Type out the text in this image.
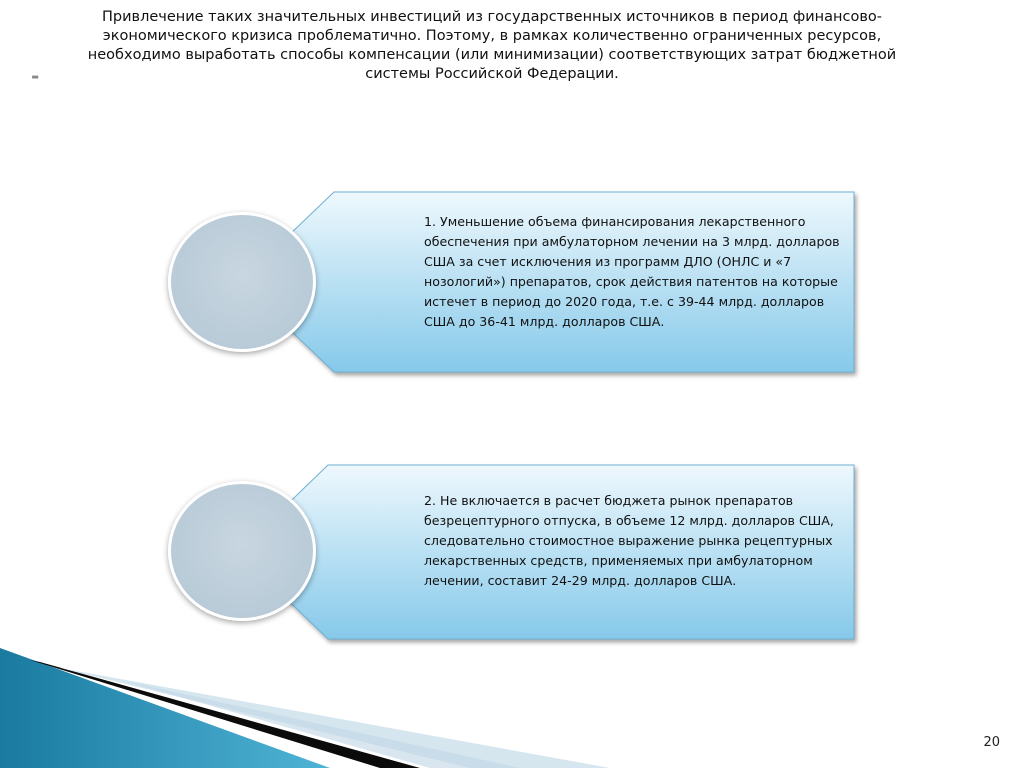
-
Привлечение таких значительных инвестиций из государственных источников в период финансово-экономического кризиса проблематично. Поэтому, в рамках количественно ограниченных ресурсов, необходимо выработать способы компенсации (или минимизации) соответствующих затрат бюджетной системы Российской Федерации.
1. Уменьшение объема финансирования лекарственного обеспечения при амбулаторном лечении на 3 млрд. долларов США за счет исключения из программ ДЛО (ОНЛС и «7 нозологий») препаратов, срок действия патентов на которые истечет в период до 2020 года, т.е. с 39-44 млрд. долларов США до 36-41 млрд. долларов США.
2. Не включается в расчет бюджета рынок препаратов безрецептурного отпуска, в объеме 12 млрд. долларов США, следовательно стоимостное выражение рынка рецептурных лекарственных средств, применяемых при амбулаторном лечении, составит 24-29 млрд. долларов США.
20
